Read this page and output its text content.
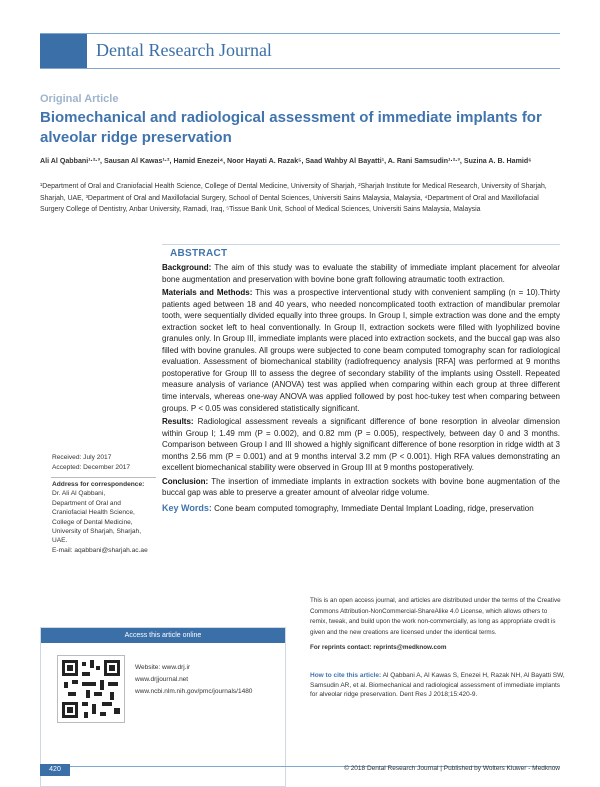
Dental Research Journal
Original Article
Biomechanical and radiological assessment of immediate implants for alveolar ridge preservation
Ali Al Qabbani¹·²·³, Sausan Al Kawas¹·², Hamid Enezei⁴, Noor Hayati A. Razak⁵, Saad Wahby Al Bayatti¹, A. Rani Samsudin¹·²·³, Suzina A. B. Hamid⁶
¹Department of Oral and Craniofacial Health Science, College of Dental Medicine, University of Sharjah, ²Sharjah Institute for Medical Research, University of Sharjah, Sharjah, UAE, ³Department of Oral and Maxillofacial Surgery, School of Dental Sciences, Universiti Sains Malaysia, Malaysia, ⁴Department of Oral and Maxillofacial Surgery College of Dentistry, Anbar University, Ramadi, Iraq, ⁵Tissue Bank Unit, School of Medical Sciences, Universiti Sains Malaysia, Malaysia
ABSTRACT

Background: The aim of this study was to evaluate the stability of immediate implant placement for alveolar bone augmentation and preservation with bovine bone graft following atraumatic tooth extraction.

Materials and Methods: This was a prospective interventional study with convenient sampling (n = 10).Thirty patients aged between 18 and 40 years, who needed noncomplicated tooth extraction of mandibular premolar tooth, were sequentially divided equally into three groups. In Group I, simple extraction was done and the empty extraction socket left to heal conventionally. In Group II, extraction sockets were filled with lyophilized bovine granules only. In Group III, immediate implants were placed into extraction sockets, and the buccal gap was also filled with bovine granules. All groups were subjected to cone beam computed tomography scan for radiological evaluation. Assessment of biomechanical stability (radiofrequency analysis [RFA] was performed at 9 months postoperative for Group III to assess the degree of secondary stability of the implants using Osstell. Repeated measure analysis of variance (ANOVA) test was applied when comparing within each group at three different time intervals, whereas one-way ANOVA was applied followed by post hoc-tukey test when comparing between groups. P < 0.05 was considered statistically significant.

Results: Radiological assessment reveals a significant difference of bone resorption in alveolar dimension within Group I; 1.49 mm (P = 0.002), and 0.82 mm (P = 0.005), respectively, between day 0 and 3 months. Comparison between Group I and III showed a highly significant difference of bone resorption in ridge width at 3 months 2.56 mm (P = 0.001) and at 9 months interval 3.2 mm (P < 0.001). High RFA values demonstrating an excellent biomechanical stability were observed in Group III at 9 months postoperatively.

Conclusion: The insertion of immediate implants in extraction sockets with bovine bone augmentation of the buccal gap was able to preserve a greater amount of alveolar ridge volume.

Key Words: Cone beam computed tomography, Immediate Dental Implant Loading, ridge, preservation

Received: July 2017
Accepted: December 2017
Address for correspondence:
Dr. Ali Al Qabbani,
Department of Oral and Craniofacial Health Science, College of Dental Medicine, University of Sharjah, Sharjah, UAE.
E-mail: aqabbani@sharjah.ac.ae
This is an open access journal, and articles are distributed under the terms of the Creative Commons Attribution-NonCommercial-ShareAlike 4.0 License, which allows others to remix, tweak, and build upon the work non-commercially, as long as appropriate credit is given and the new creations are licensed under the identical terms.
For reprints contact: reprints@medknow.com
Access this article online
Website: www.drj.ir
www.drjjournal.net
www.ncbi.nlm.nih.gov/pmc/journals/1480
How to cite this article: Al Qabbani A, Al Kawas S, Enezei H, Razak NH, Al Bayatti SW, Samsudin AR, et al. Biomechanical and radiological assessment of immediate implants for alveolar ridge preservation. Dent Res J 2018;15:420-9.
420	© 2018 Dental Research Journal | Published by Wolters Kluwer - Medknow
